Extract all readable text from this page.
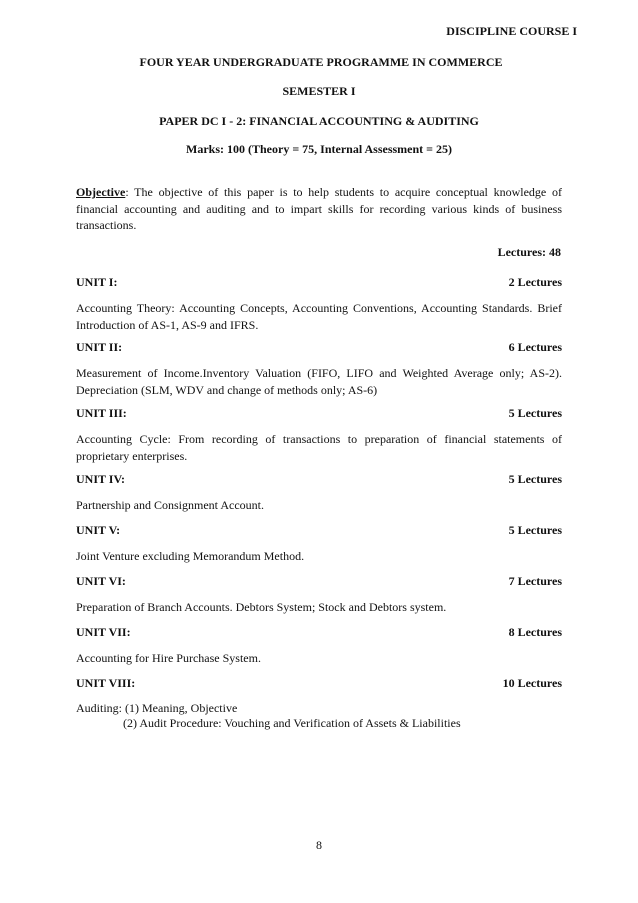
DISCIPLINE COURSE I
FOUR YEAR UNDERGRADUATE PROGRAMME IN COMMERCE
SEMESTER I
PAPER DC I - 2: FINANCIAL ACCOUNTING & AUDITING
Marks: 100 (Theory = 75, Internal Assessment = 25)
Objective: The objective of this paper is to help students to acquire conceptual knowledge of financial accounting and auditing and to impart skills for recording various kinds of business transactions.
Lectures: 48
UNIT I:	2 Lectures
Accounting Theory: Accounting Concepts, Accounting Conventions, Accounting Standards. Brief Introduction of AS-1, AS-9 and IFRS.
UNIT II:	6 Lectures
Measurement of Income.Inventory Valuation (FIFO, LIFO and Weighted Average only; AS-2). Depreciation (SLM, WDV and change of methods only; AS-6)
UNIT III:	5 Lectures
Accounting Cycle: From recording of transactions to preparation of financial statements of proprietary enterprises.
UNIT IV:	5 Lectures
Partnership and Consignment Account.
UNIT V:	5 Lectures
Joint Venture excluding Memorandum Method.
UNIT VI:	7 Lectures
Preparation of Branch Accounts. Debtors System; Stock and Debtors system.
UNIT VII:	8 Lectures
Accounting for Hire Purchase System.
UNIT VIII:	10 Lectures
Auditing: (1) Meaning, Objective
(2) Audit Procedure: Vouching and Verification of Assets & Liabilities
8
